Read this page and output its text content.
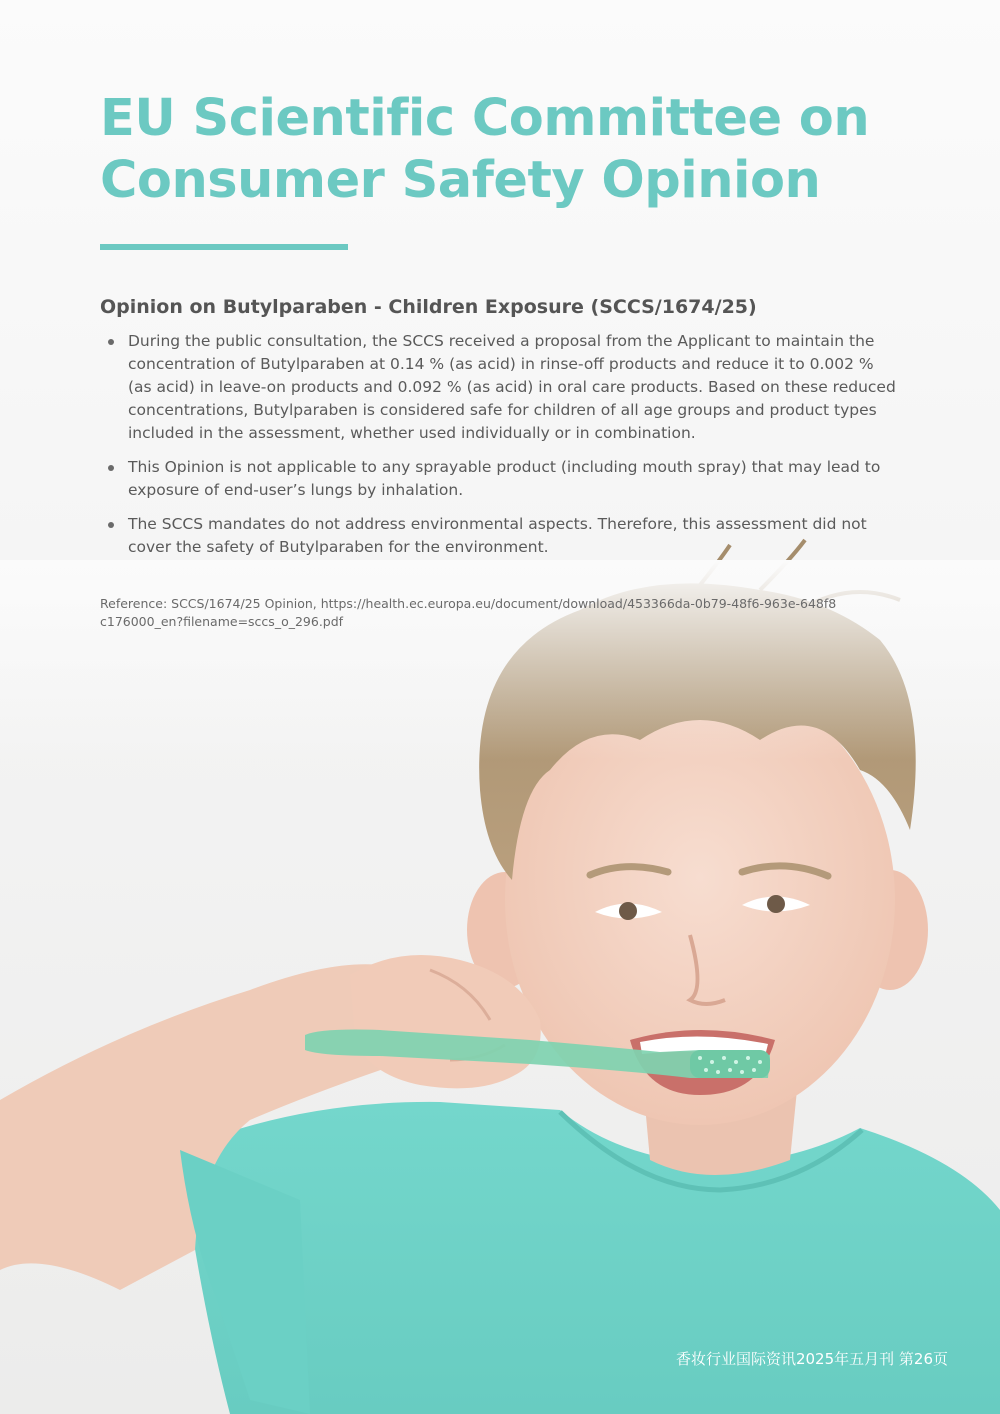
EU Scientific Committee on
Consumer Safety Opinion
Opinion on Butylparaben - Children Exposure (SCCS/1674/25)
During the public consultation, the SCCS received a proposal from the Applicant to maintain the concentration of Butylparaben at 0.14 % (as acid) in rinse-off products and reduce it to 0.002 % (as acid) in leave-on products and 0.092 % (as acid) in oral care products. Based on these reduced concentrations, Butylparaben is considered safe for children of all age groups and product types included in the assessment, whether used individually or in combination.
This Opinion is not applicable to any sprayable product (including mouth spray) that may lead to exposure of end-user’s lungs by inhalation.
The SCCS mandates do not address environmental aspects. Therefore, this assessment did not cover the safety of Butylparaben for the environment.
Reference: SCCS/1674/25 Opinion, https://health.ec.europa.eu/document/download/453366da-0b79-48f6-963e-648f8c176000_en?filename=sccs_o_296.pdf
香妆行业国际资讯2025年五月刊 第26页
